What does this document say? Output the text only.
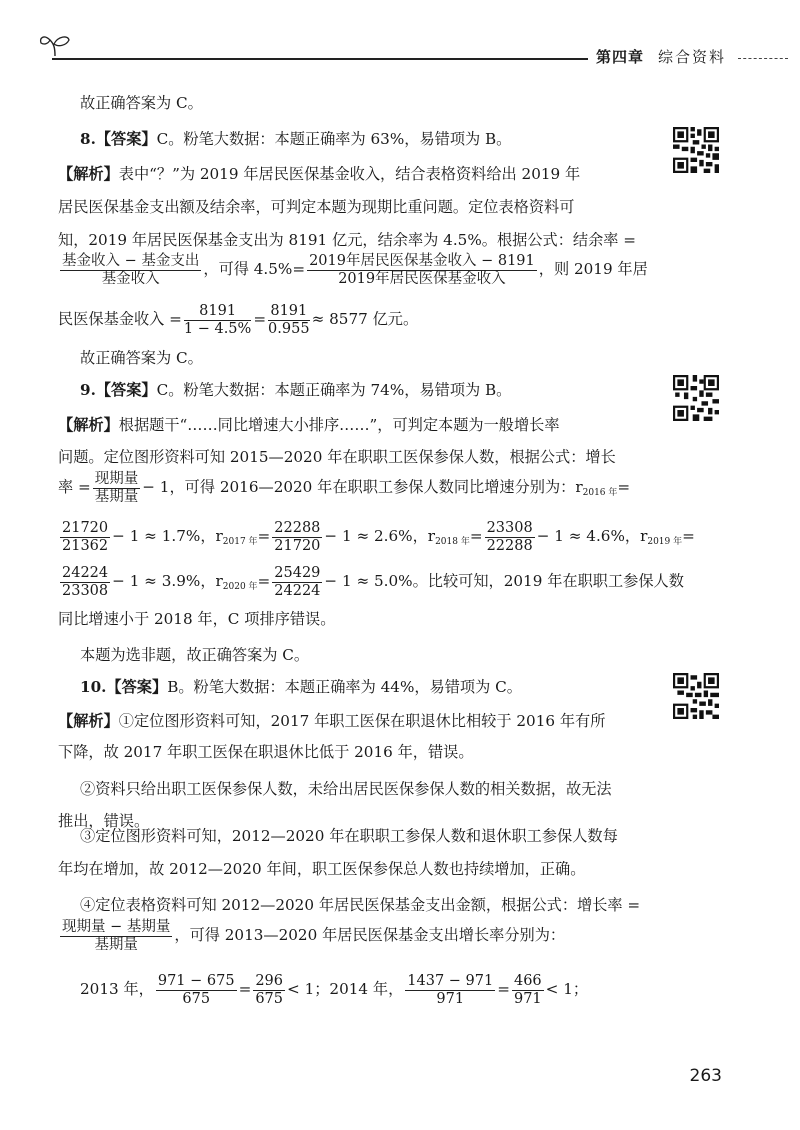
第四章 综合资料
故正确答案为 C。
8.【答案】C。粉笔大数据：本题正确率为 63%，易错项为 B。
【解析】表中“？”为 2019 年居民医保基金收入，结合表格资料给出 2019 年
居民医保基金支出额及结余率，可判定本题为现期比重问题。定位表格资料可
知，2019 年居民医保基金支出为 8191 亿元，结余率为 4.5%。根据公式：结余率 =
$\frac{\text{基金收入 − 基金支出}}{\text{基金收入}}$ ，可得 $4.5\%= \frac{\text{2019年居民医保基金收入 − 8191}}{\text{2019年居民医保基金收入}}$ ，则 2019 年居
民医保基金收入 = $\frac{8191}{1 - 4.5\%} = \frac{8191}{0.955} \approx 8577$ 亿元。
故正确答案为 C。
9.【答案】C。粉笔大数据：本题正确率为 74%，易错项为 B。
【解析】根据题干“……同比增速大小排序……”，可判定本题为一般增长率
问题。定位图形资料可知 2015—2020 年在职职工医保参保人数，根据公式：增长
率 = $\frac{\text{现期量}}{\text{基期量}} - 1$，可得 2016—2020 年在职职工参保人数同比增速分别为：$r_{2016 年}=$
$\frac{21720}{21362} - 1 \approx 1.7\%$，$r_{2017 年}= \frac{22288}{21720} - 1 \approx 2.6\%$，$r_{2018 年}= \frac{23308}{22288} - 1 \approx 4.6\%$，$r_{2019 年}=$
$\frac{24224}{23308} - 1 \approx 3.9\%$，$r_{2020 年}= \frac{25429}{24224} - 1 \approx 5.0\%$。比较可知，2019 年在职职工参保人数
同比增速小于 2018 年，C 项排序错误。
本题为选非题，故正确答案为 C。
10.【答案】B。粉笔大数据：本题正确率为 44%，易错项为 C。
【解析】①定位图形资料可知，2017 年职工医保在职退休比相较于 2016 年有所
下降，故 2017 年职工医保在职退休比低于 2016 年，错误。
②资料只给出职工医保参保人数，未给出居民医保参保人数的相关数据，故无法
推出，错误。
③定位图形资料可知，2012—2020 年在职职工参保人数和退休职工参保人数每
年均在增加，故 2012—2020 年间，职工医保参保总人数也持续增加，正确。
④定位表格资料可知 2012—2020 年居民医保基金支出金额，根据公式：增长率 =
$\frac{\text{现期量 − 基期量}}{\text{基期量}}$ ，可得 2013—2020 年居民医保基金支出增长率分别为：
2013 年， $\frac{971 - 675}{675} = \frac{296}{675} < 1$；2014 年， $\frac{1437 - 971}{971} = \frac{466}{971} < 1$；
263
